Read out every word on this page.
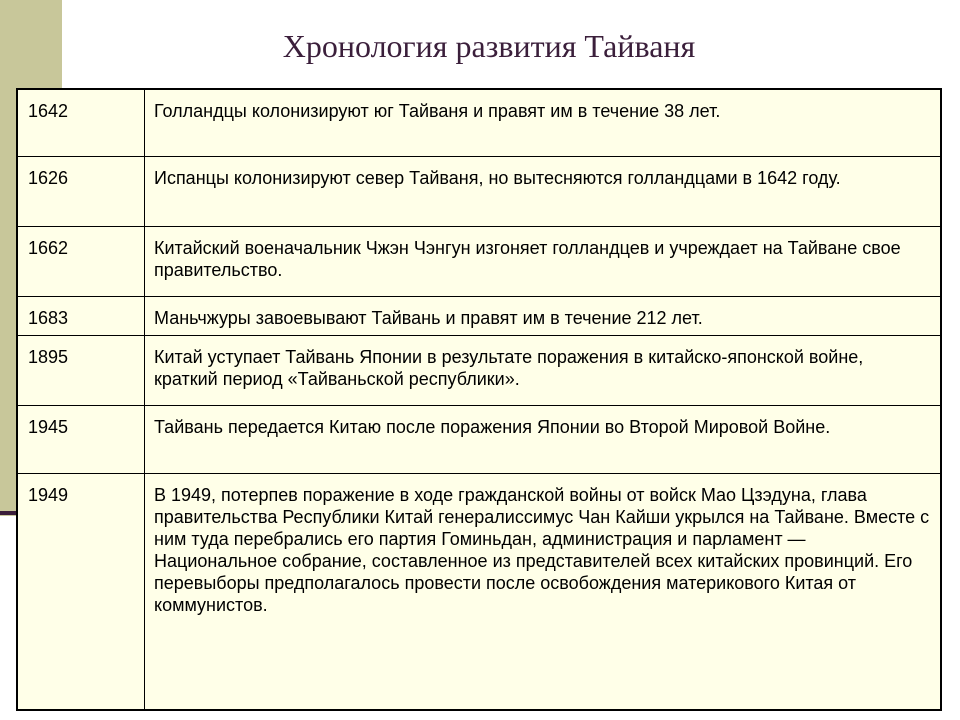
Хронология развития Тайваня
1642	Голландцы колонизируют юг Тайваня и правят им в течение 38 лет.
1626	Испанцы колонизируют север Тайваня, но вытесняются голландцами в 1642 году.
1662	Китайский военачальник Чжэн Чэнгун изгоняет голландцев и учреждает на Тайване свое правительство.
1683	Маньчжуры завоевывают Тайвань и правят им в течение 212 лет.
1895	Китай уступает Тайвань Японии в результате поражения в китайско-японской войне, краткий период «Тайваньской республики».
1945	Тайвань передается Китаю после поражения Японии во Второй Мировой Войне.
1949	В 1949, потерпев поражение в ходе гражданской войны от войск Мао Цзэдуна, глава правительства Республики Китай генералиссимус Чан Кайши укрылся на Тайване. Вместе с ним туда перебрались его партия Гоминьдан, администрация и парламент — Национальное собрание, составленное из представителей всех китайских провинций. Его перевыборы предполагалось провести после освобождения материкового Китая от коммунистов.
